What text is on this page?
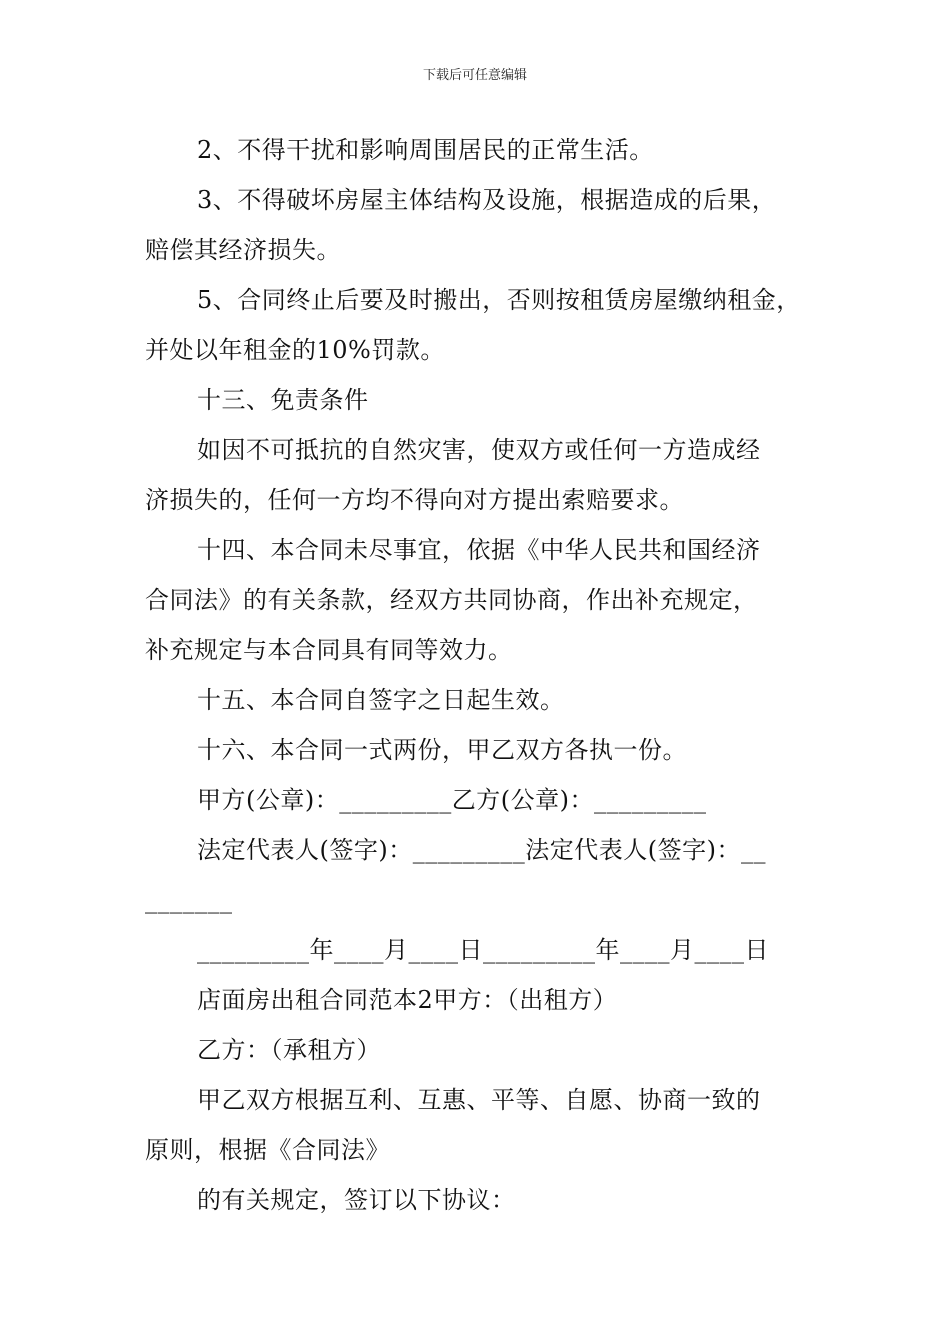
下载后可任意编辑

2、不得干扰和影响周围居民的正常生活。

3、不得破坏房屋主体结构及设施，根据造成的后果，

赔偿其经济损失。

5、合同终止后要及时搬出，否则按租赁房屋缴纳租金，

并处以年租金的10%罚款。

十三、免责条件

如因不可抵抗的自然灾害，使双方或任何一方造成经

济损失的，任何一方均不得向对方提出索赔要求。

十四、本合同未尽事宜，依据《中华人民共和国经济

合同法》的有关条款，经双方共同协商，作出补充规定，

补充规定与本合同具有同等效力。

十五、本合同自签字之日起生效。

十六、本合同一式两份，甲乙双方各执一份。

甲方(公章)：_________乙方(公章)：_________

法定代表人(签字)：_________法定代表人(签字)：__

_______

_________年____月____日_________年____月____日

店面房出租合同范本2甲方：（出租方）

乙方：（承租方）

甲乙双方根据互利、互惠、平等、自愿、协商一致的

原则，根据《合同法》

的有关规定，签订以下协议：
